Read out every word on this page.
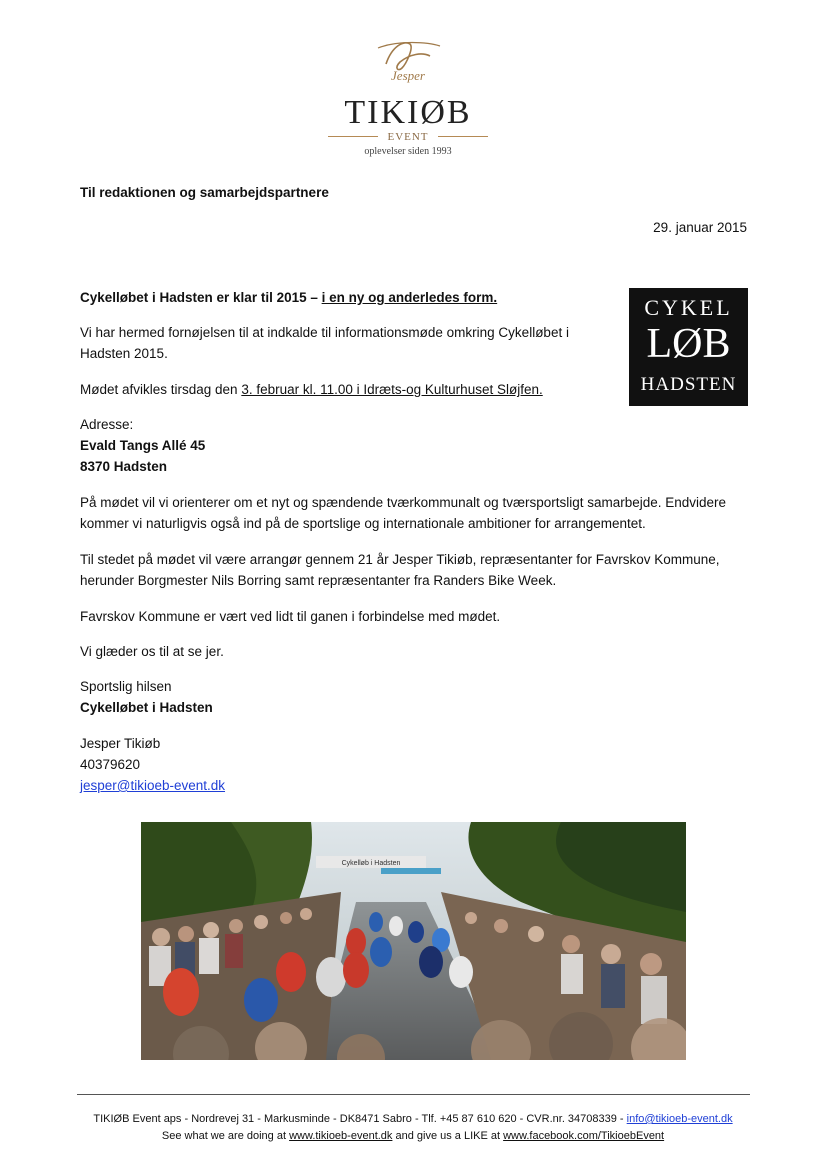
Jesper
TIKIØB
EVENT
oplevelser siden 1993
Til redaktionen og samarbejdspartnere
29. januar 2015
Cykelløbet i Hadsten er klar til 2015 – i en ny og anderledes form.	CYKEL
LØB
HADSTEN
Vi har hermed fornøjelsen til at indkalde til informationsmøde omkring Cykelløbet i Hadsten 2015.
Mødet afvikles tirsdag den 3. februar kl. 11.00 i Idræts-og Kulturhuset Sløjfen.
Adresse:
Evald Tangs Allé 45
8370 Hadsten
På mødet vil vi orienterer om et nyt og spændende tværkommunalt og tværsportsligt samarbejde. Endvidere kommer vi naturligvis også ind på de sportslige og internationale ambitioner for arrangementet.
Til stedet på mødet vil være arrangør gennem 21 år Jesper Tikiøb, repræsentanter for Favrskov Kommune, herunder Borgmester Nils Borring samt repræsentanter fra Randers Bike Week.
Favrskov Kommune er vært ved lidt til ganen i forbindelse med mødet.
Vi glæder os til at se jer.
Sportslig hilsen
Cykelløbet i Hadsten
Jesper Tikiøb
40379620
jesper@tikioeb-event.dk
Cykelløb i Hadsten
TIKIØB Event aps - Nordrevej 31 - Markusminde - DK8471 Sabro - Tlf. +45 87 610 620 - CVR.nr. 34708339 - info@tikioeb-event.dk
See what we are doing at www.tikioeb-event.dk and give us a LIKE at www.facebook.com/TikioebEvent
